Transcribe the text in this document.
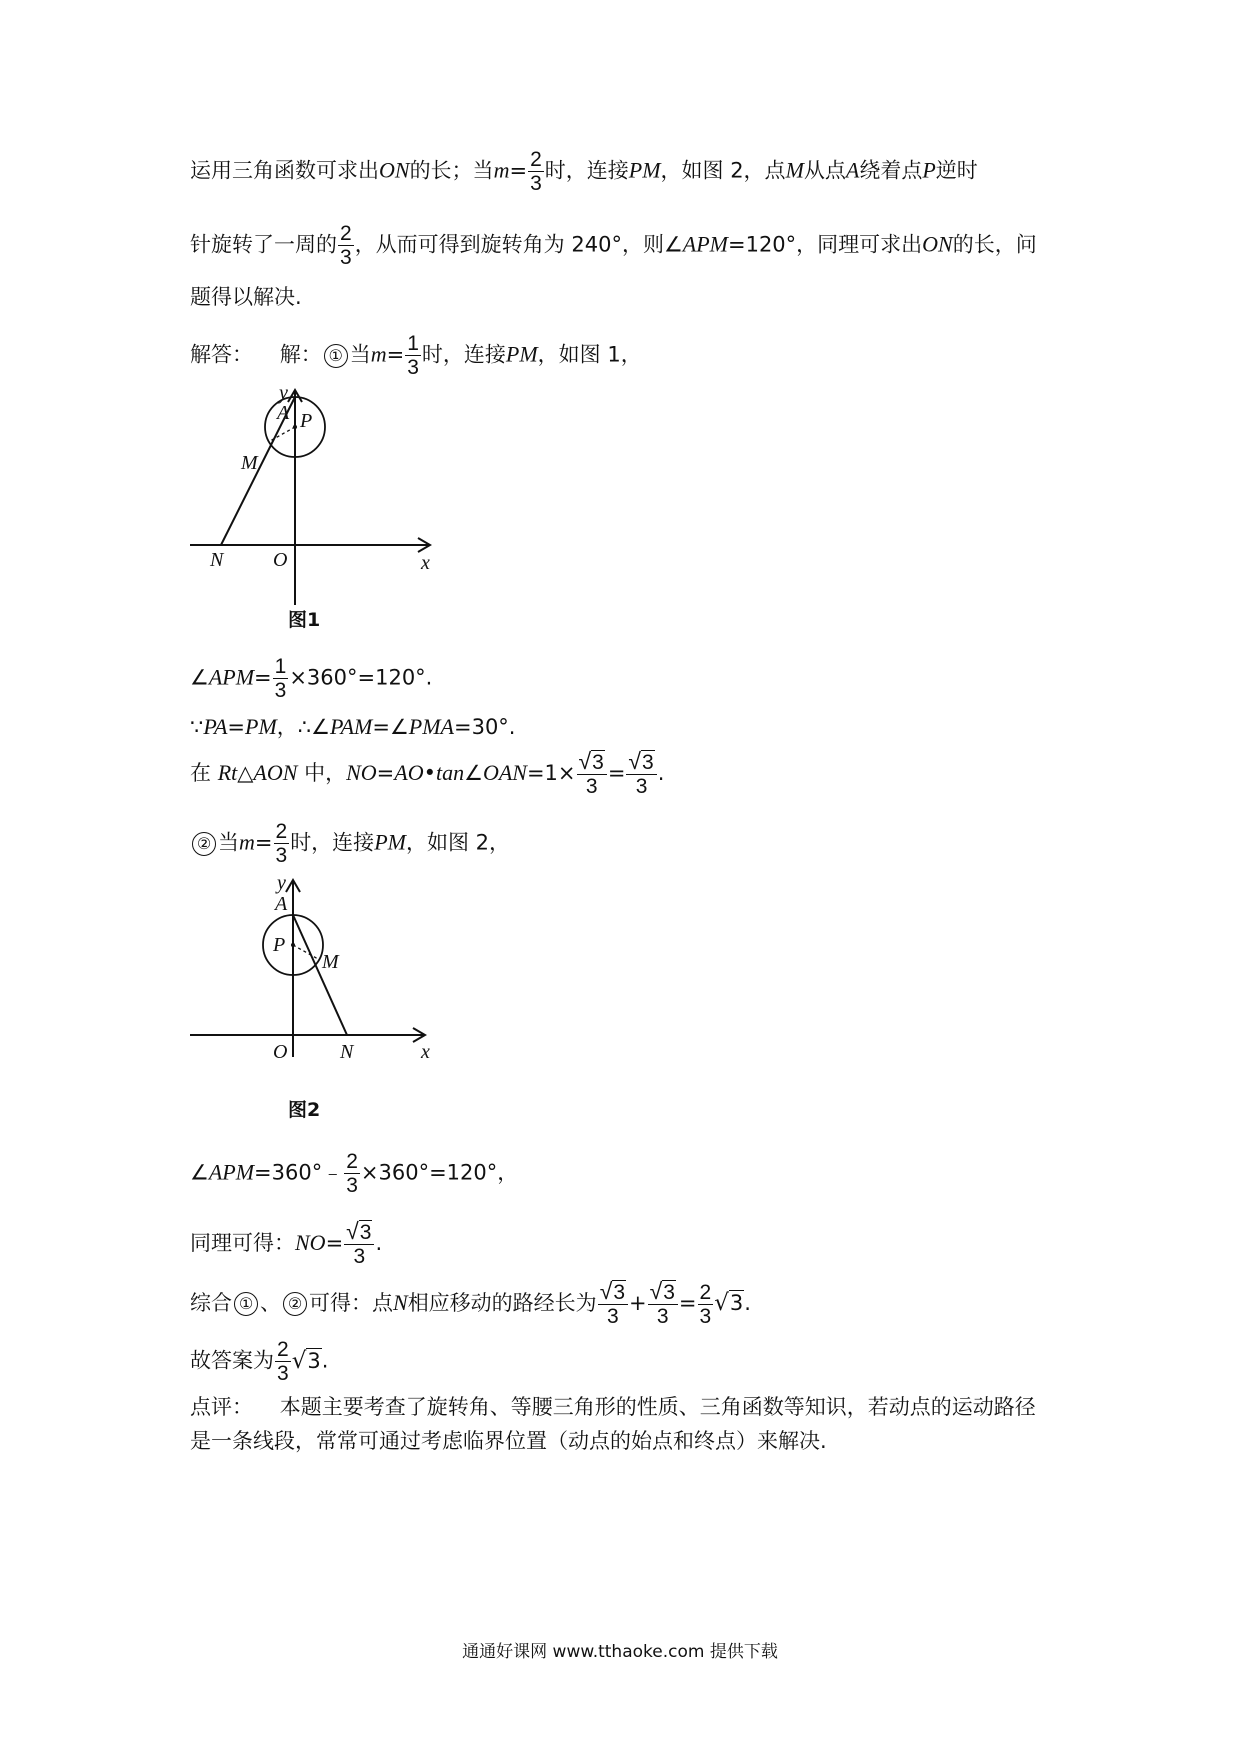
运用三角函数可求出ON的长；当$m= \frac{2}{3}$ 时，连接PM，如图 2，点M从点A绕着点P逆时
针旋转了一周的 $\frac{2}{3}$ ，从而可得到旋转角为 240°，则∠APM=120°，同理可求出ON的长，问
题得以解决.
解答： 解： ① 当$m= \frac{1}{3}$ 时，连接PM，如图 1，
y
A P
M
N O	x
图1
∠APM= $\frac{1}{3} \times 360^\circ=120^\circ$.
∵PA=PM，∴∠PAM=∠PMA=30°.
在 Rt△AON 中，NO=AO•tan∠OAN=1× $\frac{√3}{3} = \frac{√3}{3}$ .
② 当$m= \frac{2}{3}$ 时，连接PM，如图 2，
y
A
P
M
O	N	x
图2
∠APM=360°﹣ $\frac{2}{3} \times 360^\circ=120^\circ$，
同理可得：$NO= \frac{√3}{3}$ .
综合 ① 、 ② 可得：点N相应移动的路经长为 $\frac{√3}{3} + \frac{√3}{3} = \frac{2}{3} √3$.
故答案为 $\frac{2}{3} √3$.
点评： 本题主要考查了旋转角、等腰三角形的性质、三角函数等知识，若动点的运动路径
是一条线段，常常可通过考虑临界位置（动点的始点和终点）来解决.
通通好课网 www.tthaoke.com 提供下载
